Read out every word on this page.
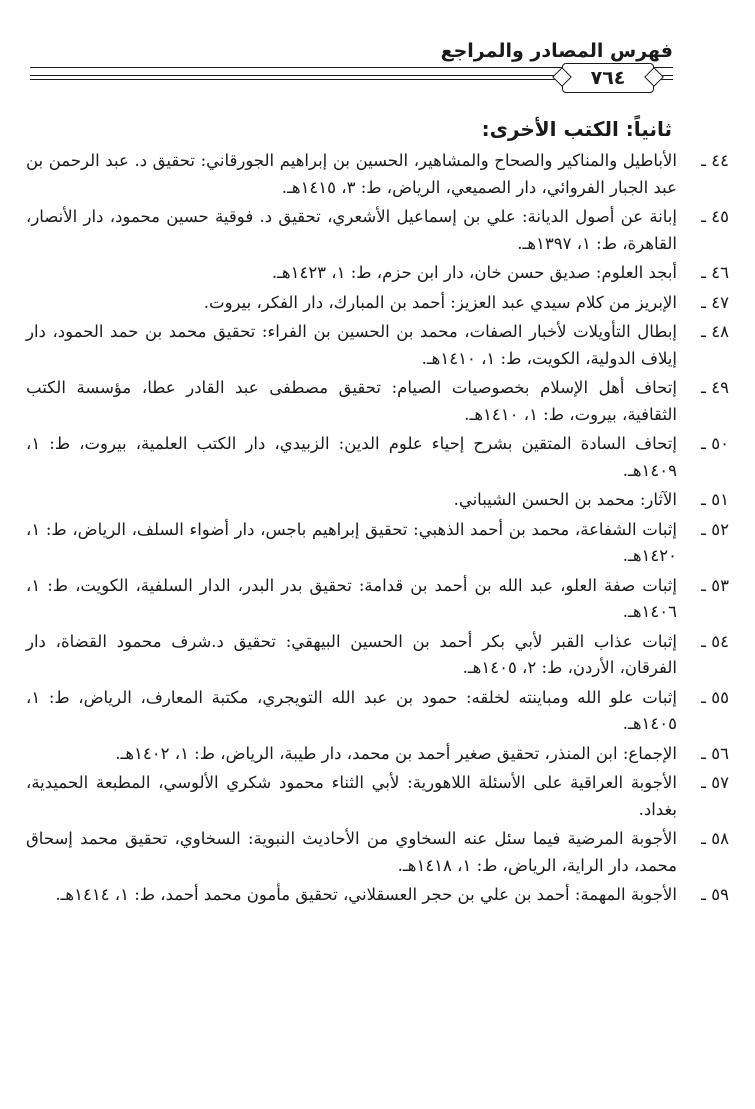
فهرس المصادر والمراجع
٧٦٤
ثانياً: الكتب الأخرى:
٤٤ ـ
الأباطيل والمناكير والصحاح والمشاهير، الحسين بن إبراهيم الجورقاني: تحقيق د. عبد الرحمن بن عبد الجبار الفروائي، دار الصميعي، الرياض، ط: ٣، ١٤١٥هـ.
٤٥ ـ
إبانة عن أصول الديانة: علي بن إسماعيل الأشعري، تحقيق د. فوقية حسين محمود، دار الأنصار، القاهرة، ط: ١، ١٣٩٧هـ.
٤٦ ـ
أبجد العلوم: صديق حسن خان، دار ابن حزم، ط: ١، ١٤٢٣هـ.
٤٧ ـ
الإبريز من كلام سيدي عبد العزيز: أحمد بن المبارك، دار الفكر، بيروت.
٤٨ ـ
إبطال التأويلات لأخبار الصفات، محمد بن الحسين بن الفراء: تحقيق محمد بن حمد الحمود، دار إيلاف الدولية، الكويت، ط: ١، ١٤١٠هـ.
٤٩ ـ
إتحاف أهل الإسلام بخصوصيات الصيام: تحقيق مصطفى عبد القادر عطا، مؤسسة الكتب الثقافية، بيروت، ط: ١، ١٤١٠هـ.
٥٠ ـ
إتحاف السادة المتقين بشرح إحياء علوم الدين: الزبيدي، دار الكتب العلمية، بيروت، ط: ١، ١٤٠٩هـ.
٥١ ـ
الآثار: محمد بن الحسن الشيباني.
٥٢ ـ
إثبات الشفاعة، محمد بن أحمد الذهبي: تحقيق إبراهيم باجس، دار أضواء السلف، الرياض، ط: ١، ١٤٢٠هـ.
٥٣ ـ
إثبات صفة العلو، عبد الله بن أحمد بن قدامة: تحقيق بدر البدر، الدار السلفية، الكويت، ط: ١، ١٤٠٦هـ.
٥٤ ـ
إثبات عذاب القبر لأبي بكر أحمد بن الحسين البيهقي: تحقيق د.شرف محمود القضاة، دار الفرقان، الأردن، ط: ٢، ١٤٠٥هـ.
٥٥ ـ
إثبات علو الله ومباينته لخلقه: حمود بن عبد الله التويجري، مكتبة المعارف، الرياض، ط: ١، ١٤٠٥هـ.
٥٦ ـ
الإجماع: ابن المنذر، تحقيق صغير أحمد بن محمد، دار طيبة، الرياض، ط: ١، ١٤٠٢هـ.
٥٧ ـ
الأجوبة العراقية على الأسئلة اللاهورية: لأبي الثناء محمود شكري الألوسي، المطبعة الحميدية، بغداد.
٥٨ ـ
الأجوبة المرضية فيما سئل عنه السخاوي من الأحاديث النبوية: السخاوي، تحقيق محمد إسحاق محمد، دار الراية، الرياض، ط: ١، ١٤١٨هـ.
٥٩ ـ
الأجوبة المهمة: أحمد بن علي بن حجر العسقلاني، تحقيق مأمون محمد أحمد، ط: ١، ١٤١٤هـ.
